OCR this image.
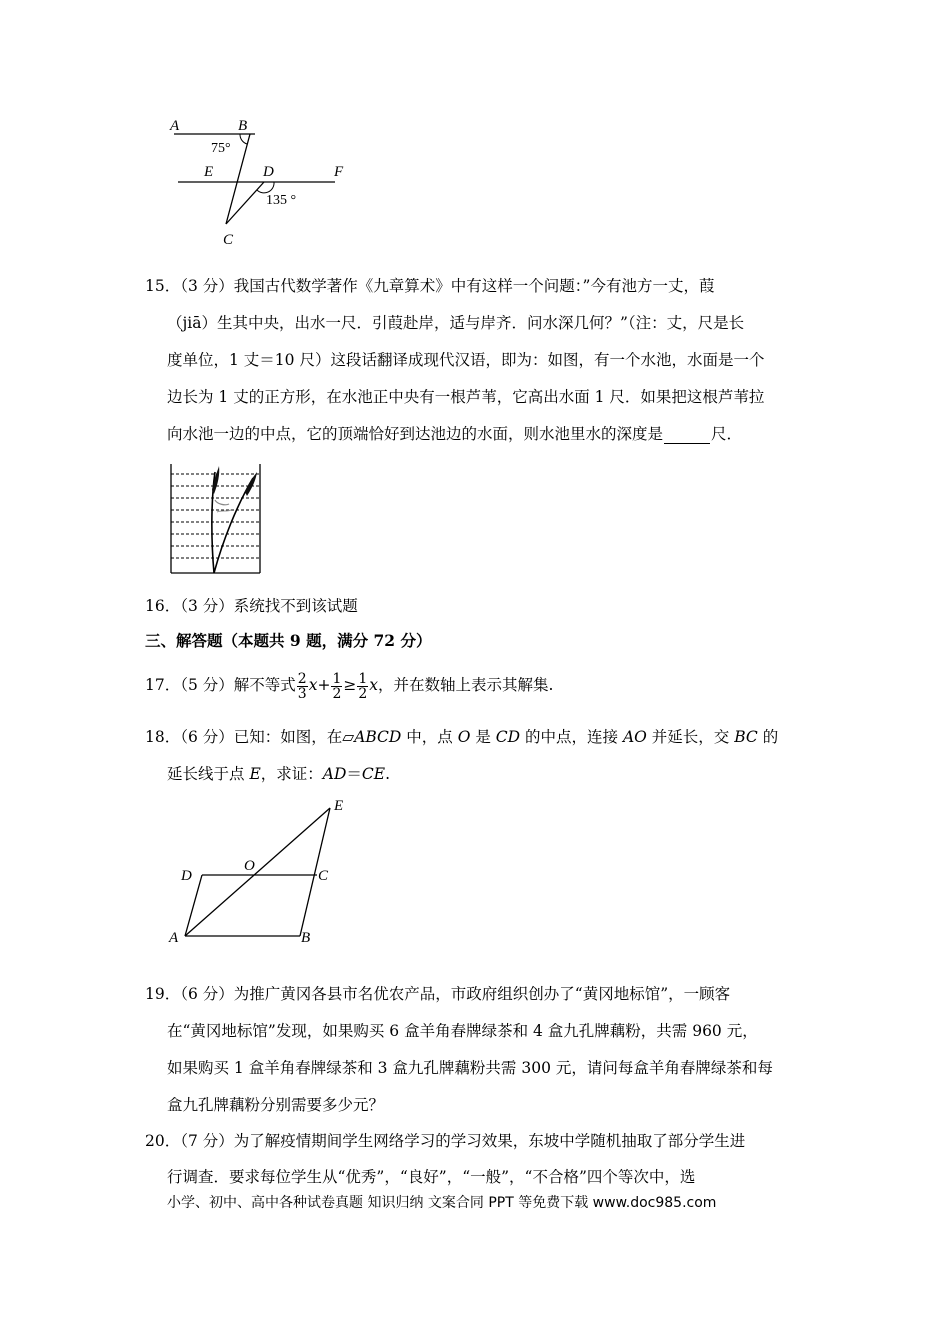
A	B
75°
E	D	F
135 °
C
15．（3 分）我国古代数学著作《九章算术》中有这样一个问题：”今有池方一丈，葭
（jiā）生其中央，出水一尺．引葭赴岸，适与岸齐．问水深几何？”（注：丈，尺是长
度单位，1 丈＝10 尺）这段话翻译成现代汉语，即为：如图，有一个水池，水面是一个
边长为 1 丈的正方形，在水池正中央有一根芦苇，它高出水面 1 尺．如果把这根芦苇拉
向水池一边的中点，它的顶端恰好到达池边的水面，则水池里水的深度是	尺．
16．（3 分）系统找不到该试题
三、解答题（本题共 9 题，满分 72 分）
17．（5 分）解不等式 $\frac{2}{3} x+ \frac{1}{2} \ge \frac{1}{2}$ x，并在数轴上表示其解集.
18．（6 分）已知：如图，在▱ABCD 中，点 O 是 CD 的中点，连接 AO 并延长，交 BC 的
延长线于点 E，求证：AD＝CE.
D
O
C
E
A	B
19．（6 分）为推广黄冈各县市名优农产品，市政府组织创办了“黄冈地标馆”，一顾客
在“黄冈地标馆”发现，如果购买 6 盒羊角春牌绿茶和 4 盒九孔牌藕粉，共需 960 元，
如果购买 1 盒羊角春牌绿茶和 3 盒九孔牌藕粉共需 300 元，请问每盒羊角春牌绿茶和每
盒九孔牌藕粉分别需要多少元？
20．（7 分）为了解疫情期间学生网络学习的学习效果，东坡中学随机抽取了部分学生进
行调查．要求每位学生从“优秀”，“良好”，“一般”，“不合格”四个等次中，选
小学、初中、高中各种试卷真题 知识归纳 文案合同 PPT 等免费下载 www.doc985.com
